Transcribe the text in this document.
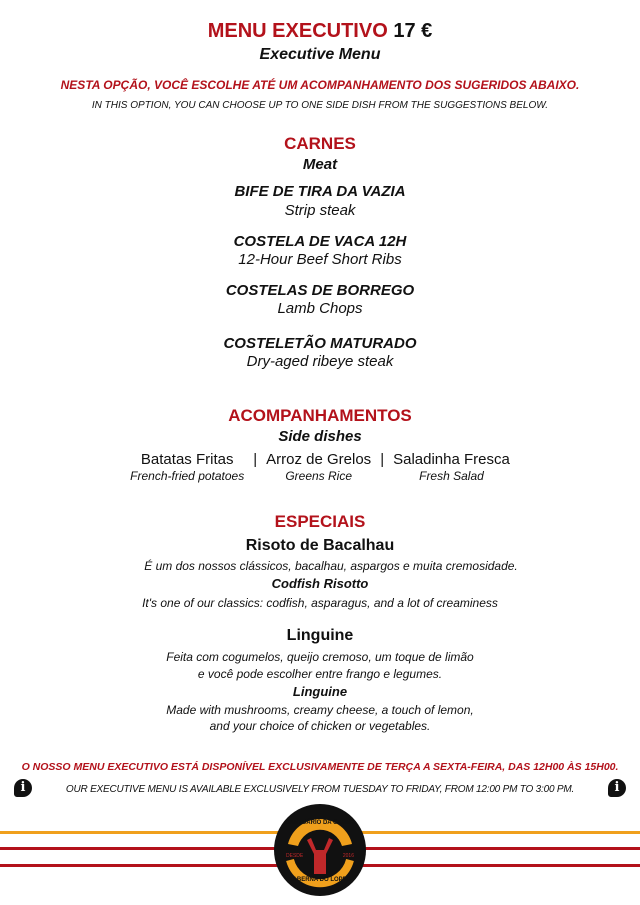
MENU EXECUTIVO 17 €
Executive Menu
NESTA OPÇÃO, VOCÊ ESCOLHE ATÉ UM ACOMPANHAMENTO DOS SUGERIDOS ABAIXO.
IN THIS OPTION, YOU CAN CHOOSE UP TO ONE SIDE DISH FROM THE SUGGESTIONS BELOW.
CARNES
Meat
BIFE DE TIRA DA VAZIA
Strip steak
COSTELA DE VACA 12H
12-Hour Beef Short Ribs
COSTELAS DE BORREGO
Lamb Chops
COSTELETÃO MATURADO
Dry-aged ribeye steak
ACOMPANHAMENTOS
Side dishes
Batatas Fritas
French-fried potatoes
| Arroz de Grelos
Greens Rice
| Saladinha Fresca
Fresh Salad
ESPECIAIS
Risoto de Bacalhau
É um dos nossos clássicos, bacalhau, aspargos e muita cremosidade.
Codfish Risotto
It's one of our classics: codfish, asparagus, and a lot of creaminess
Linguine
Feita com cogumelos, queijo cremoso, um toque de limão
e você pode escolher entre frango e legumes.
Linguine
Made with mushrooms, creamy cheese, a touch of lemon,
and your choice of chicken or vegetables.
O NOSSO MENU EXECUTIVO ESTÁ DISPONÍVEL EXCLUSIVAMENTE DE TERÇA A SEXTA-FEIRA, DAS 12H00 ÀS 15H00.
i	OUR EXECUTIVE MENU IS AVAILABLE EXCLUSIVELY FROM TUESDAY TO FRIDAY, FROM 12:00 PM TO 3:00 PM.	i
SANTUÁRIO DA CARNE
DESDE	2016
TABERNA DO LOPES
